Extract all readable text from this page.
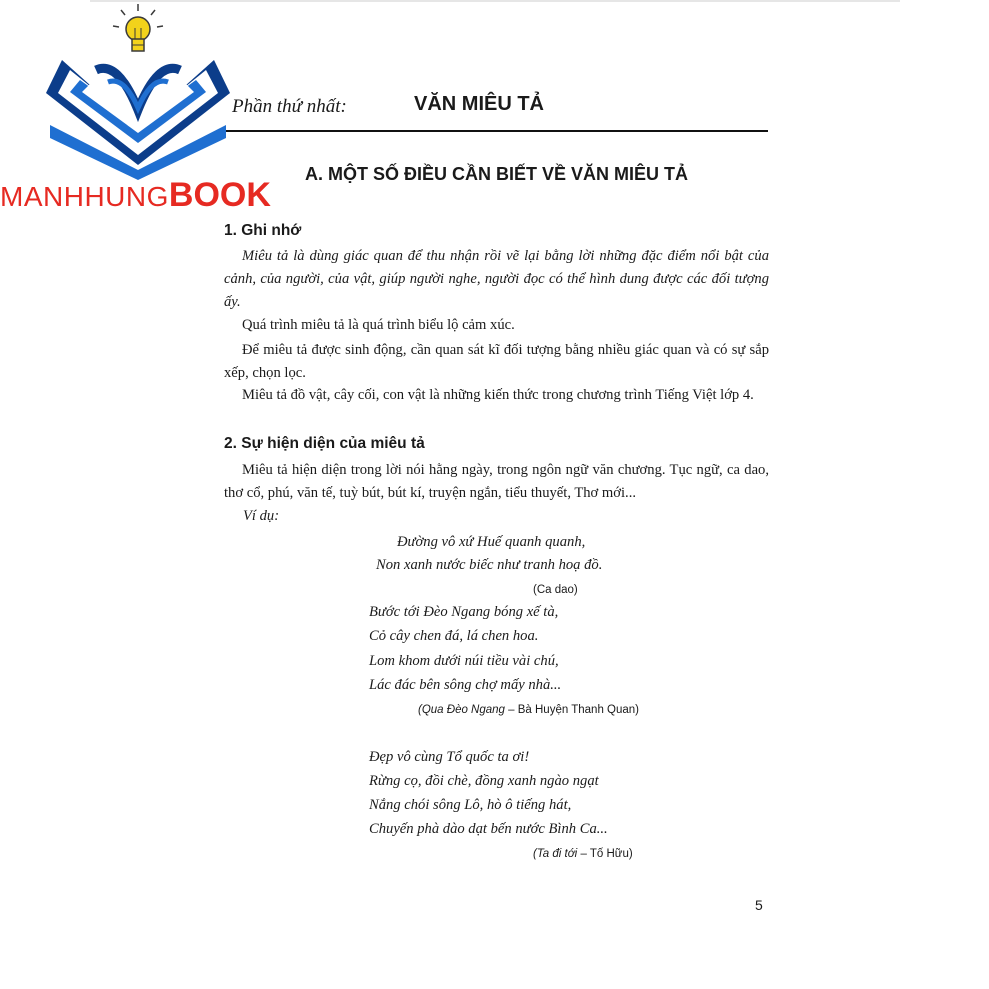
MANHHUNGBOOK
Phần thứ nhất:	VĂN MIÊU TẢ
A. MỘT SỐ ĐIỀU CẦN BIẾT VỀ VĂN MIÊU TẢ
1. Ghi nhớ
Miêu tả là dùng giác quan để thu nhận rồi vẽ lại bằng lời những đặc điểm nổi bật của cảnh, của người, của vật, giúp người nghe, người đọc có thể hình dung được các đối tượng ấy.
Quá trình miêu tả là quá trình biểu lộ cảm xúc.
Để miêu tả được sinh động, cần quan sát kĩ đối tượng bằng nhiều giác quan và có sự sắp xếp, chọn lọc.
Miêu tả đồ vật, cây cối, con vật là những kiến thức trong chương trình Tiếng Việt lớp 4.
2. Sự hiện diện của miêu tả
Miêu tả hiện diện trong lời nói hằng ngày, trong ngôn ngữ văn chương. Tục ngữ, ca dao, thơ cổ, phú, văn tế, tuỳ bút, bút kí, truyện ngắn, tiểu thuyết, Thơ mới...
Ví dụ:
Đường vô xứ Huế quanh quanh,
Non xanh nước biếc như tranh hoạ đồ.
(Ca dao)
Bước tới Đèo Ngang bóng xế tà,
Cỏ cây chen đá, lá chen hoa.
Lom khom dưới núi tiều vài chú,
Lác đác bên sông chợ mấy nhà...
(Qua Đèo Ngang – Bà Huyện Thanh Quan)
Đẹp vô cùng Tổ quốc ta ơi!
Rừng cọ, đồi chè, đồng xanh ngào ngạt
Nắng chói sông Lô, hò ô tiếng hát,
Chuyến phà dào dạt bến nước Bình Ca...
(Ta đi tới – Tố Hữu)
5
